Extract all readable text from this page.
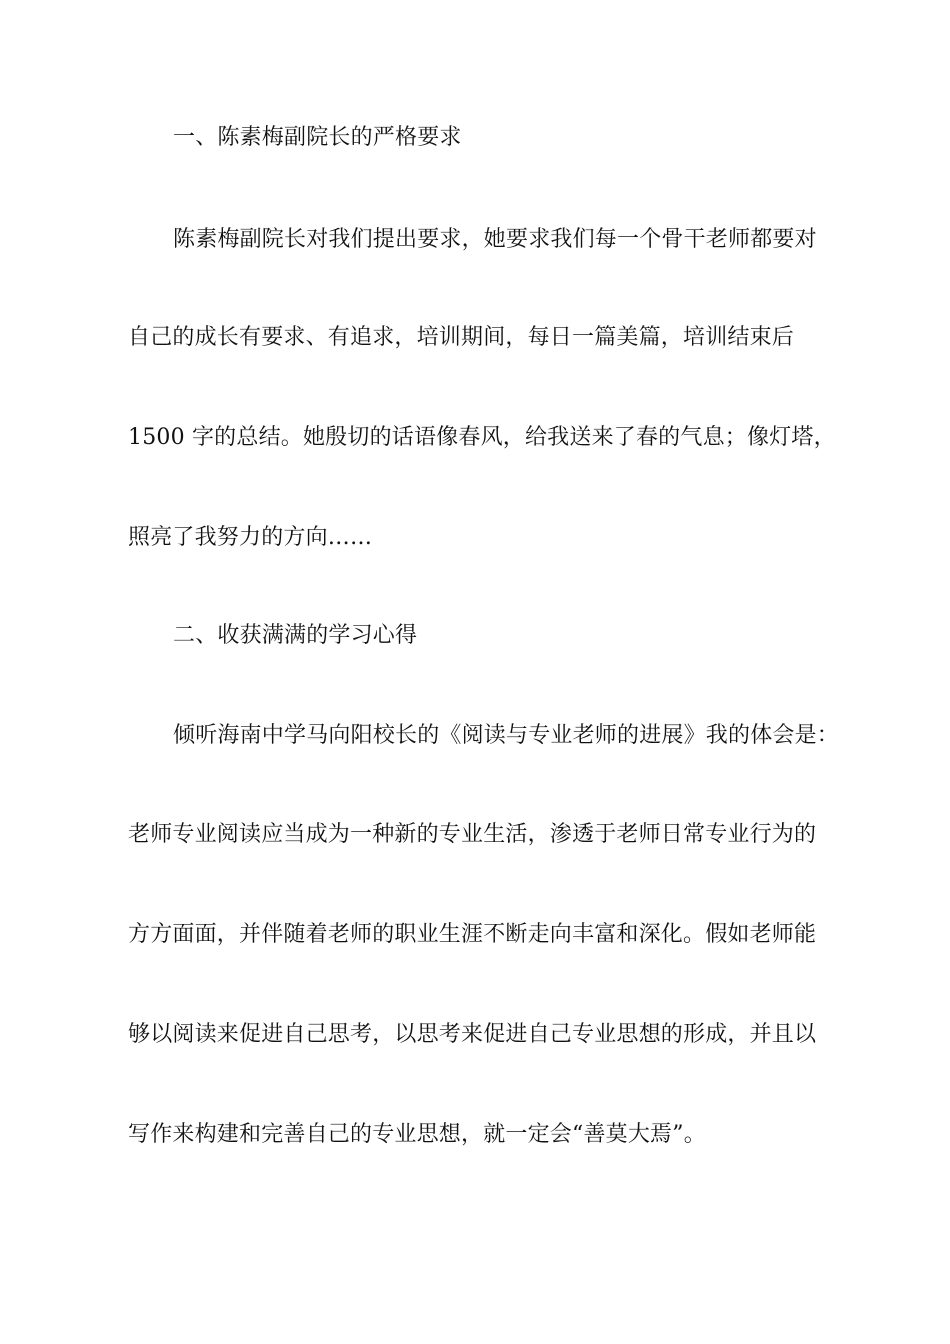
一、陈素梅副院长的严格要求
陈素梅副院长对我们提出要求，她要求我们每一个骨干老师都要对
自己的成长有要求、有追求，培训期间，每日一篇美篇，培训结束后
1500 字的总结。她殷切的话语像春风，给我送来了春的气息；像灯塔，
照亮了我努力的方向……
二、收获满满的学习心得
倾听海南中学马向阳校长的《阅读与专业老师的进展》我的体会是：
老师专业阅读应当成为一种新的专业生活，渗透于老师日常专业行为的
方方面面，并伴随着老师的职业生涯不断走向丰富和深化。假如老师能
够以阅读来促进自己思考，以思考来促进自己专业思想的形成，并且以
写作来构建和完善自己的专业思想，就一定会“善莫大焉”。
